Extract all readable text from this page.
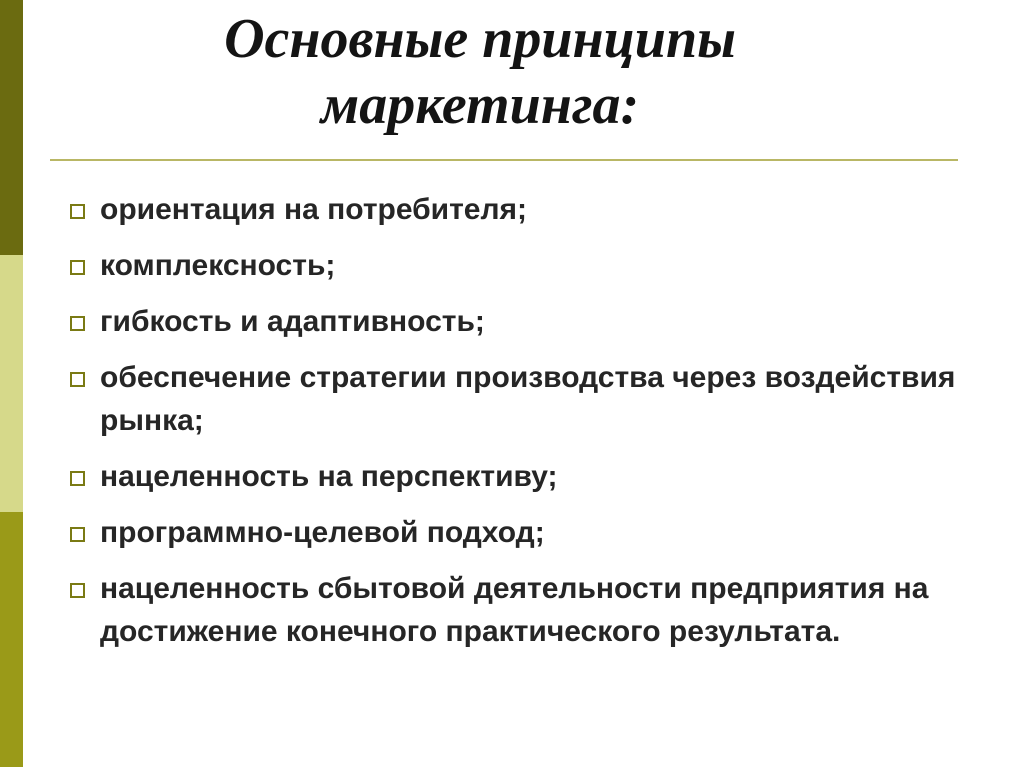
Основные принципы маркетинга:
ориентация на потребителя;
комплексность;
гибкость и адаптивность;
обеспечение стратегии производства через воздействия рынка;
нацеленность на перспективу;
программно-целевой подход;
нацеленность сбытовой деятельности предприятия на достижение конечного практического результата.
